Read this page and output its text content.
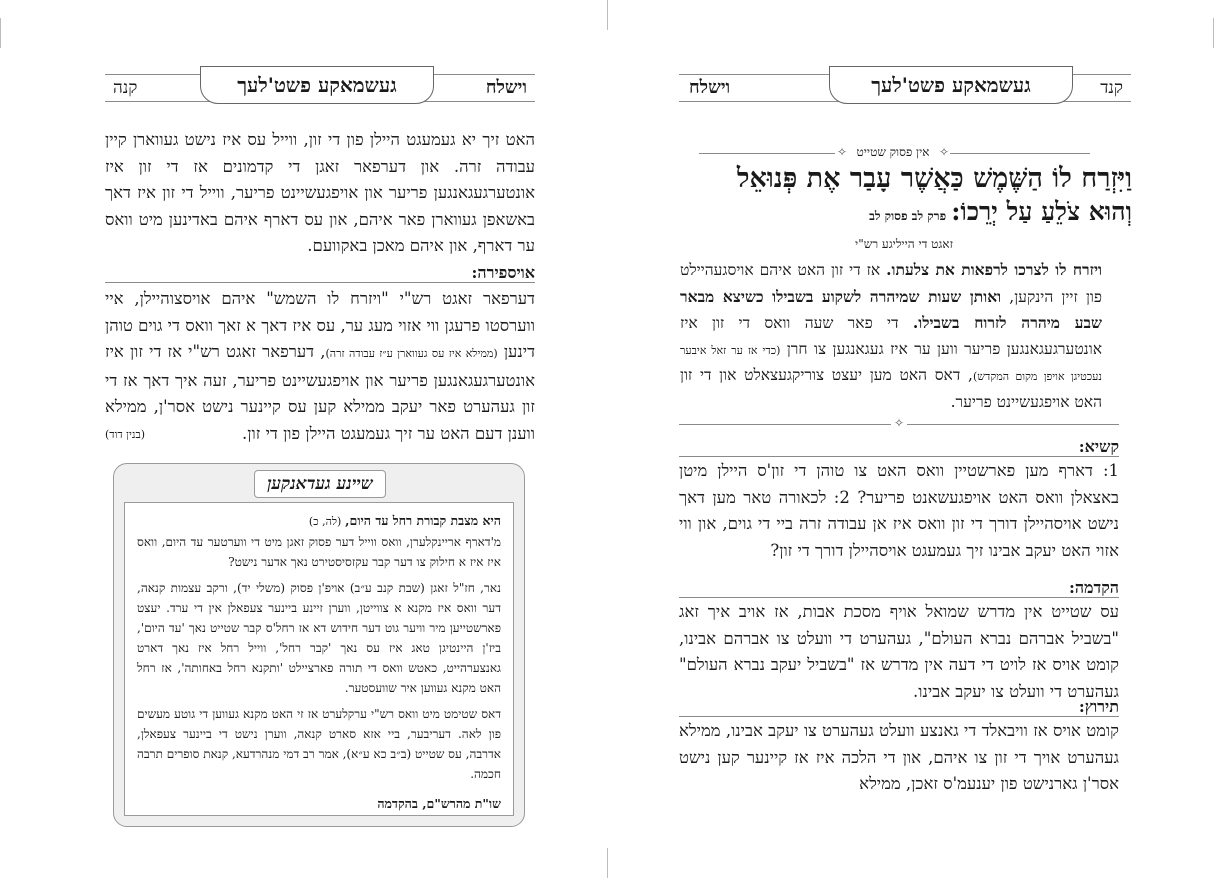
וישלח
געשמאקע פשט'לעך
קנה

האט זיך יא געמעגט היילן פון די זון, ווייל עס איז נישט געווארן קיין עבודה זרה. און דערפאר זאגן די קדמונים אז די זון איז אונטערגעגאנגען פריער און אויפגעשיינט פריער, ווייל די זון איז דאך באשאפן געווארן פאר איהם, און עס דארף איהם באדינען מיט וואס ער דארף, און איהם מאכן באקוועם.

אויספירה:

דערפאר זאגט רש"י "ויזרח לו השמש" איהם אויסצוהיילן, איי ווערסטו פרעגן ווי אזוי מעג ער, עס איז דאך א זאך וואס די גוים טוהן דינען (ממילא איז עס געווארן ע״ז עבודה זרה), דערפאר זאגט רש"י אז די זון איז אונטערגעגאנגען פריער און אויפגעשיינט פריער, זעה איך דאך אז די זון געהערט פאר יעקב ממילא קען עס קיינער נישט אסר'ן, ממילא ווענן דעם האט ער זיך געמעגט היילן פון די זון.

(בנין דוד)
שיינע געדאנקען

היא מצבת קבורת רחל עד היום, (לה, כ)
מ'דארף אריינקלערן, וואס ווייל דער פסוק זאגן מיט די ווערטער עד היום, וואס איז איז א חילוק צו דער קבר עקזסיסטירט נאך אדער נישט?

נאר, חז"ל זאגן (שבת קנב ע״ב) אויפ'ן פסוק (משלי יד), ורקב עצמות קנאה, דער וואס איז מקנא א צווייטן, ווערן זיינע ביינער צעפאלן אין די ערד. יעצט פארשטייען מיר וויער גוט דער חידוש דא אז רחל'ס קבר שטייט נאך 'עד היום', ביז'ן היינטיגן טאג איז עס נאך 'קבר רחל', ווייל רחל איז נאך דארט גאנצערהייט, כאטש וואס די תורה פארציילט 'ותקנא רחל באחותה', אז רחל האט מקנא געווען איר שוועסטער.

דאס שטימט מיט וואס רש"י ערקלערט אז זי האט מקנא געווען די גוטע מעשים פון לאה. דעריבער, ביי אזא סארט קנאה, ווערן נישט די ביינער צעפאלן, אדרבה, עס שטייט (ב״ב כא ע״א), אמר רב דמי מנהרדעא, קנאת סופרים תרבה חכמה.

שו"ת מהרש"ם, בהקדמה

קנד
געשמאקע פשט'לעך
וישלח
✧	✧
אין פסוק שטייט
וַיִּזְרַח לוֹ הַשֶּׁמֶשׁ כַּאֲשֶׁר עָבַר אֶת פְּנוּאֵל
וְהוּא צֹלֵעַ עַל יְרֵכוֹ: פרק לב פסוק לב
זאגט די הייליגע רש"י
ויזרח לו לצרכו לרפאות את צלעתו. אז די זון האט איהם אויסגעהיילט פון זיין הינקען, ואותן שעות שמיהרה לשקוע בשבילו כשיצא מבאר שבע מיהרה לזרוח בשבילו. די פאר שעה וואס די זון איז אונטערגעגאנגען פריער ווען ער איז געגאנגען צו חרן (כדי אז ער זאל איבער נעכטיגן אויפן מקום המקדש), דאס האט מען יעצט צוריקגעצאלט און די זון האט אויפגעשיינט פריער.
✧
קשיא:

1: דארף מען פארשטיין וואס האט צו טוהן די זון'ס היילן מיטן באצאלן וואס האט אויפגעשאנט פריער? 2: לכאורה טאר מען דאך נישט אויסהיילן דורך די זון וואס איז אן עבודה זרה ביי די גוים, און ווי אזוי האט יעקב אבינו זיך געמעגט אויסהיילן דורך די זון?

הקדמה:

עס שטייט אין מדרש שמואל אויף מסכת אבות, אז אויב איך זאג "בשביל אברהם נברא העולם", געהערט די וועלט צו אברהם אבינו, קומט אויס אז לויט די דעה אין מדרש אז "בשביל יעקב נברא העולם" געהערט די וועלט צו יעקב אבינו.

תירוץ:

קומט אויס אז וויבאלד די גאנצע וועלט געהערט צו יעקב אבינו, ממילא געהערט אויך די זון צו איהם, און די הלכה איז אז קיינער קען נישט אסר'ן גארנישט פון יענעמ'ס זאכן, ממילא
